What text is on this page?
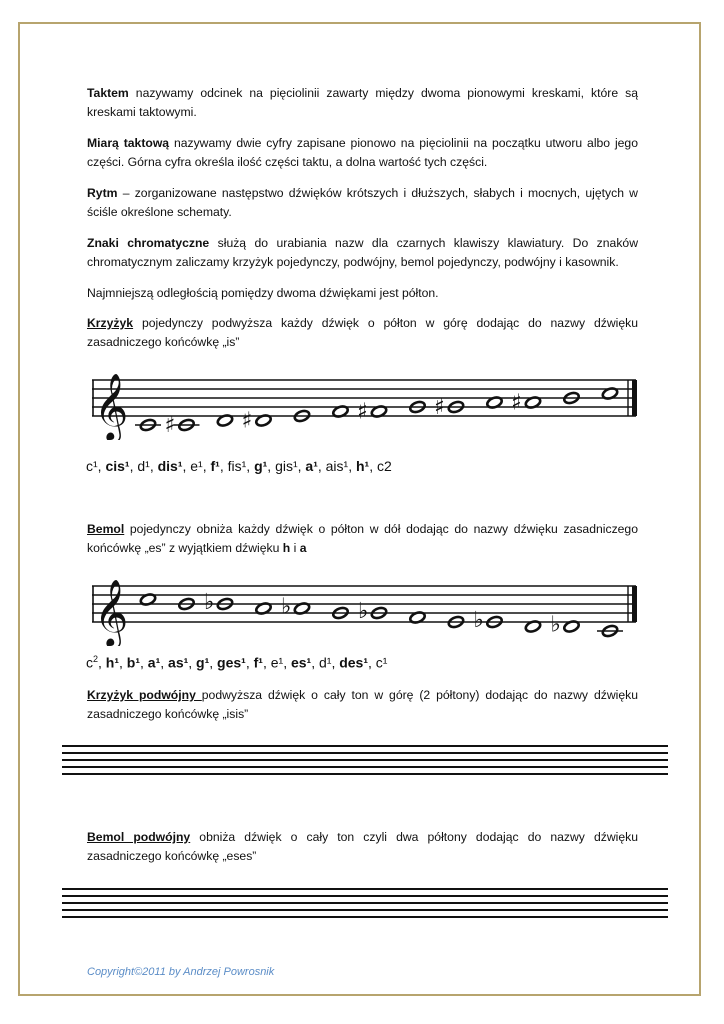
Taktem nazywamy odcinek na pięciolinii zawarty między dwoma pionowymi kreskami, które są kreskami taktowymi.

Miarą taktową nazywamy dwie cyfry zapisane pionowo na pięciolinii na początku utworu albo jego części. Górna cyfra określa ilość części taktu, a dolna wartość tych części.

Rytm – zorganizowane następstwo dźwięków krótszych i dłuższych, słabych i mocnych, ujętych w ściśle określone schematy.

Znaki chromatyczne służą do urabiania nazw dla czarnych klawiszy klawiatury. Do znaków chromatycznym zaliczamy krzyżyk pojedynczy, podwójny, bemol pojedynczy, podwójny i kasownik.

Najmniejszą odległością pomiędzy dwoma dźwiękami jest półton.

Krzyżyk pojedynczy podwyższa każdy dźwięk o półton w górę dodając do nazwy dźwięku zasadniczego końcówkę „is”

𝄞 ♯	♯	♯	♯	♯
c¹, cis¹, d¹, dis¹, e¹, f¹, fis¹, g¹, gis¹, a¹, ais¹, h¹, c2

Bemol pojedynczy obniża każdy dźwięk o półton w dół dodając do nazwy dźwięku zasadniczego końcówkę „es” z wyjątkiem dźwięku h i a

𝄞	♭	♭	♭	♭	♭
$c^2$, h¹, b¹, a¹, as¹, g¹, ges¹, f¹, e¹, es¹, d¹, des¹, c¹

Krzyżyk podwójny podwyższa dźwięk o cały ton w górę (2 półtony) dodając do nazwy dźwięku zasadniczego końcówkę „isis”

Bemol podwójny obniża dźwięk o cały ton czyli dwa półtony dodając do nazwy dźwięku zasadniczego końcówkę „eses”

Copyright©2011 by Andrzej Powrosnik
